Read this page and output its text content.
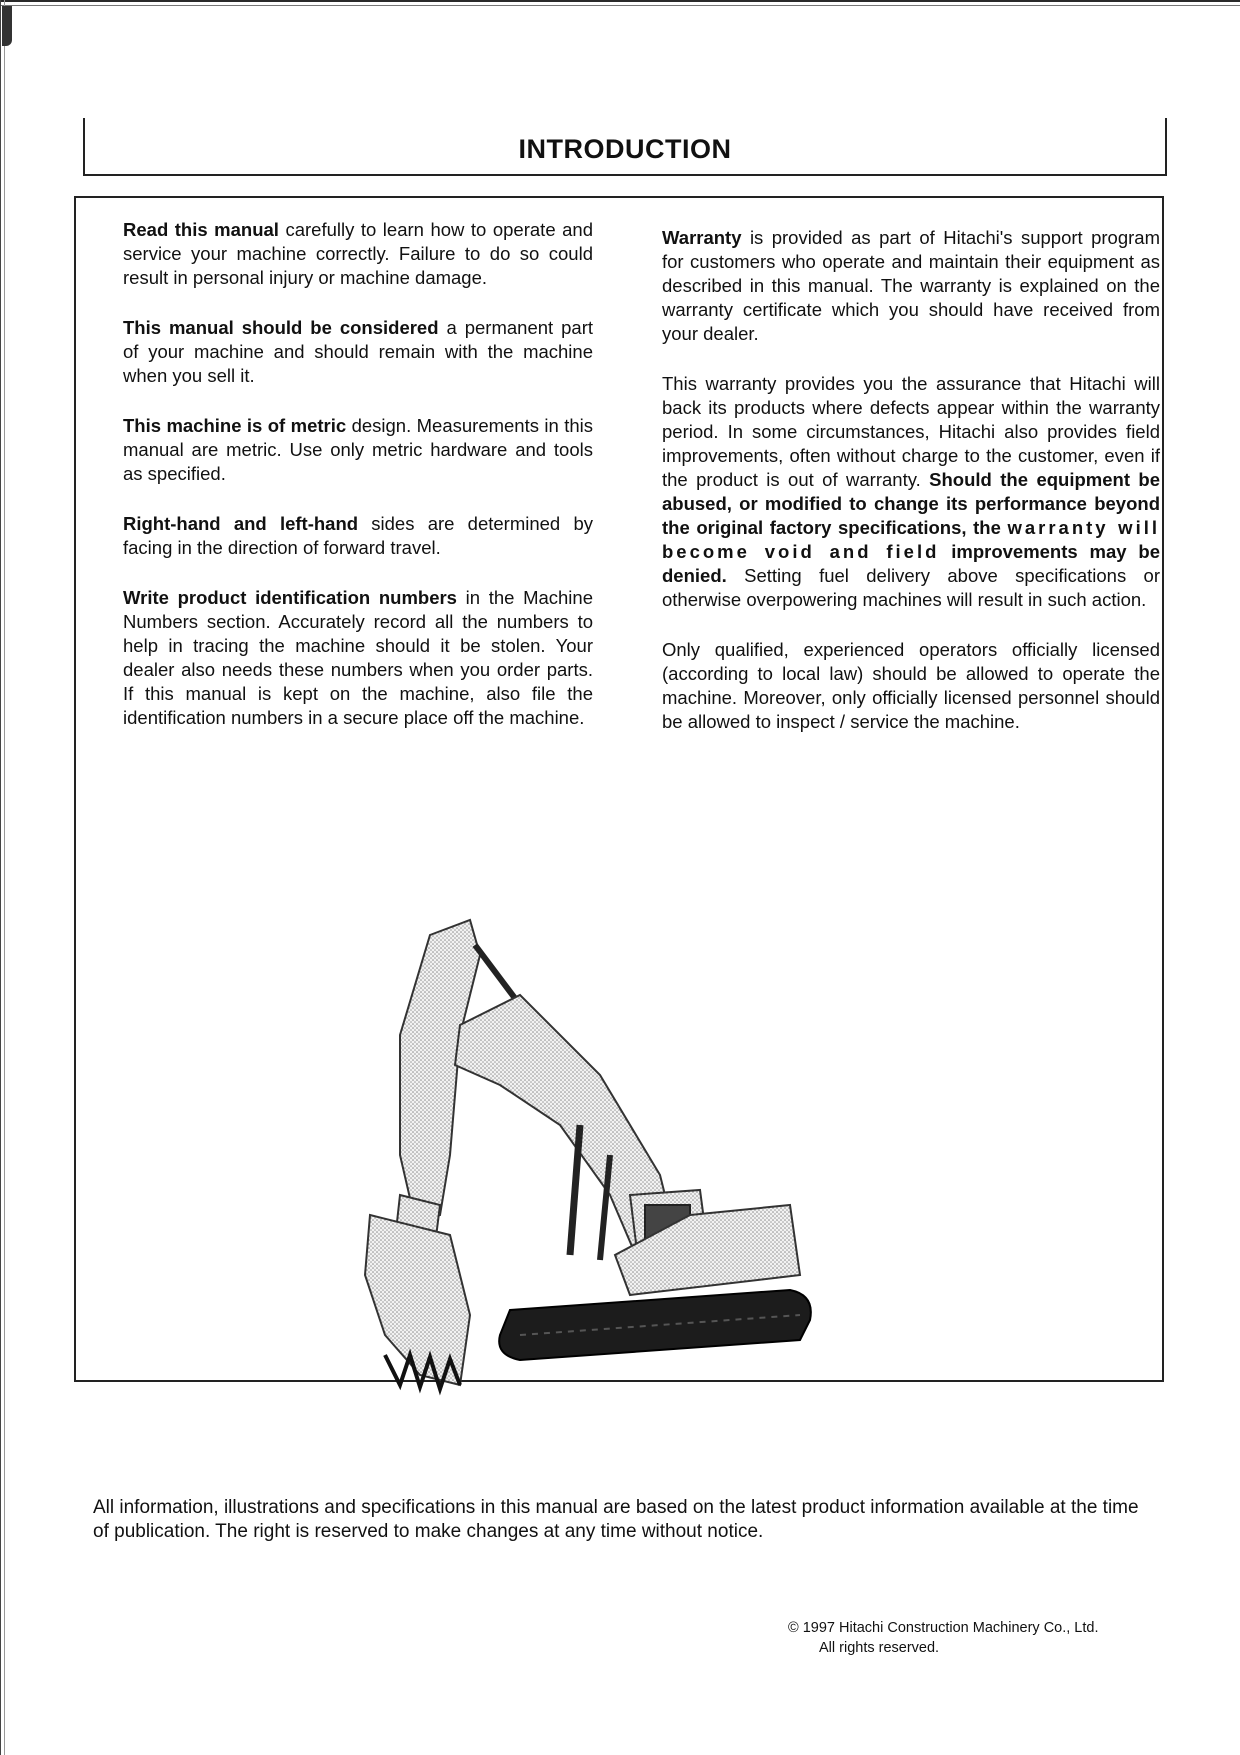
INTRODUCTION

Read this manual carefully to learn how to operate and service your machine correctly. Failure to do so could result in personal injury or machine damage.

This manual should be considered a permanent part of your machine and should remain with the machine when you sell it.

This machine is of metric design. Measurements in this manual are metric. Use only metric hardware and tools as specified.

Right-hand and left-hand sides are determined by facing in the direction of forward travel.

Write product identification numbers in the Machine Numbers section. Accurately record all the numbers to help in tracing the machine should it be stolen. Your dealer also needs these numbers when you order parts. If this manual is kept on the machine, also file the identification numbers in a secure place off the machine.

Warranty is provided as part of Hitachi's support program for customers who operate and maintain their equipment as described in this manual. The warranty is explained on the warranty certificate which you should have received from your dealer.

This warranty provides you the assurance that Hitachi will back its products where defects appear within the warranty period. In some circumstances, Hitachi also provides field improvements, often without charge to the customer, even if the product is out of warranty. Should the equipment be abused, or modified to change its performance beyond the original factory specifications, the warranty will become void and field improvements may be denied. Setting fuel delivery above specifications or otherwise overpowering machines will result in such action.

Only qualified, experienced operators officially licensed (according to local law) should be allowed to operate the machine. Moreover, only officially licensed personnel should be allowed to inspect / service the machine.

All information, illustrations and specifications in this manual are based on the latest product information available at the time of publication. The right is reserved to make changes at any time without notice.
© 1997 Hitachi Construction Machinery Co., Ltd.
All rights reserved.
